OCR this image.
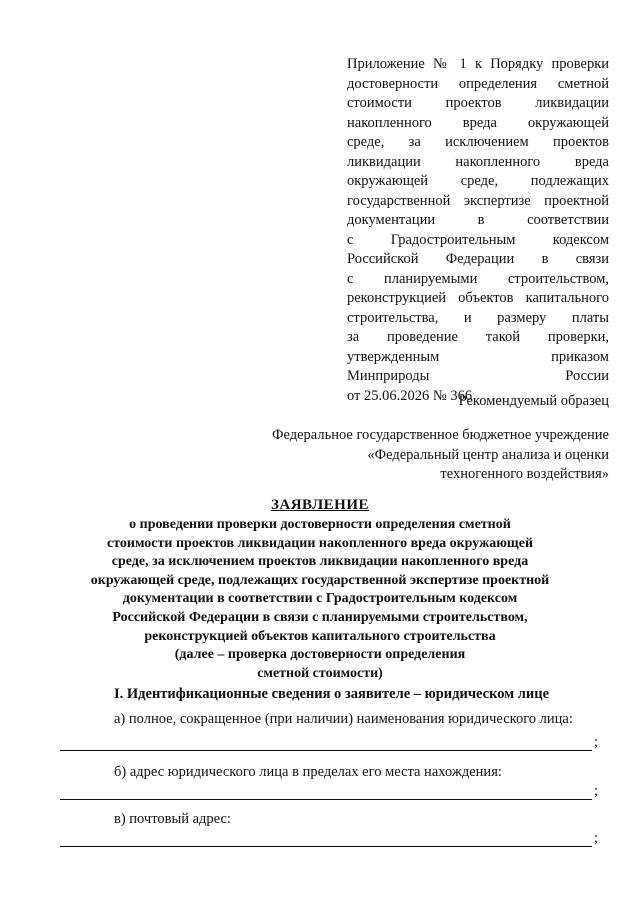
Приложение № 1 к Порядку проверки
достоверности определения сметной
стоимости проектов ликвидации
накопленного вреда окружающей
среде, за исключением проектов
ликвидации накопленного вреда
окружающей среде, подлежащих
государственной экспертизе проектной
документации в соответствии
с Градостроительным кодексом
Российской Федерации в связи
с планируемыми строительством,
реконструкцией объектов капитального
строительства, и размеру платы
за проведение такой проверки,
утвержденным приказом
Минприроды России
от 25.06.2026 № 366
Рекомендуемый образец
Федеральное государственное бюджетное учреждение
«Федеральный центр анализа и оценки
техногенного воздействия»
ЗАЯВЛЕНИЕ
о проведении проверки достоверности определения сметной
стоимости проектов ликвидации накопленного вреда окружающей
среде, за исключением проектов ликвидации накопленного вреда
окружающей среде, подлежащих государственной экспертизе проектной
документации в соответствии с Градостроительным кодексом
Российской Федерации в связи с планируемыми строительством,
реконструкцией объектов капитального строительства
(далее – проверка достоверности определения
сметной стоимости)
I. Идентификационные сведения о заявителе – юридическом лице
а) полное, сокращенное (при наличии) наименования юридического лица:
;
б) адрес юридического лица в пределах его места нахождения:
;
в) почтовый адрес:
;
